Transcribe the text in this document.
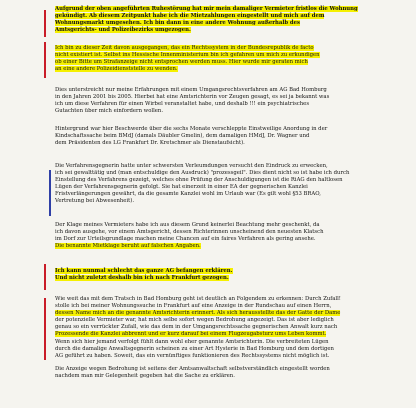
Aufgrund der oben angeführten Ruhestörung hat mir mein damaliger Vermieter fristlos die Wohnung

gekündigt. Ab diesem Zeitpunkt habe ich die Mietzahlungen eingestellt und mich auf dem

Wohnungsmarkt umgesehen. Ich bin dann in eine andere Wohnung außerhalb des

Amtsgerichts- und Polizeibezirks umgezogen.

Ich bin zu dieser Zeit davon ausgegangen, das ein Rechtssystem in der Bundesrepublik de facto

nicht existiert ist. Selbst ins Hessische Innenministerium bin ich gefahren um mich zu erkundigen

ob einer Bitte um Strafanzeige nicht entsprochen werden muss. Hier wurde mir geraten mich

an eine andere Polizeidienststelle zu wenden.

Dies unterstreicht nur meine Erfahrungen mit einem Umgangsrechtsverfahren am AG Bad Homburg

in den Jahren 2001 bis 2005. Hierbei hat eine Amtsrichterin vor Zeugen gesagt, es sei ja bekannt was

ich um diese Verfahren für einen Wirbel veranstaltet habe, und deshalb !!! ein psychiatrisches

Gutachten über mich einfordern wollen.

Hintergrund war hier Beschwerde über die sechs Monate verschleppte Einstweilige Anordung in der

Kindschaftssache beim BMdJ (damals Däubler Gmelin), dem damaligen HMdJ, Dr. Wagner und

dem Präsidenten des LG Frankfurt Dr. Kretschmer als Dienstaufsicht).

Die Verfahrensgegnerin hatte unter schwersten Verleumdungen versucht den Eindruck zu erwecken,

ich sei gewalttätig und (man entschuldige den Ausdruck) "prozessgeil". Dies dient nicht so ist habe ich durch

Einstellung des Verfahrens gezeigt, welches ohne Prüfung der Anschuldigungen ist die RiAG den haltlosen

Lügen der Verfahrensgegnerin gefolgt. Sie hat einerzeit in einer EA der gegnerischen Kanzlei

Fristverlängerungen gewährt, da die gesamte Kanzlei wohl im Urlaub war (Es gilt wohl §53 BRAO,

Vertretung bei Abwesenheit).

Der Klage meines Vermieters habe ich aus diesem Grund keinerlei Beachtung mehr geschenkt, da

ich davon ausgehe, vor einem Amtsgericht, dessen Richterinnen unscheinend den neuesten Klatsch

im Dorf zur Urteilsgrundlage machen meine Chancen auf ein faires Verfahren als gering ansehe.

Die benannte Mietklage beruht auf falschen Angaben.

Ich kann nunmal schlecht das ganze AG befangen erklären.

Und nicht zuletzt deshalb bin ich nach Frankfurt gezogen.

Wie weit das mit dem Tratsch in Bad Homburg geht ist deutlich an Folgendem zu erkennen: Durch Zufall!

stolle ich bei meiner Wohnungssuche in Frankfurt auf eine Anzeige in der Rundschau auf einen Herrn,

dessen Name mich an die genannte Amtsrichterin erinnert. Als sich herausstellte das der Gatte der Dame

der potenzielle Vermieter war, hat mich selbe sofort wegen Bedrohung angezeigt. Das ist aber lediglich

genau so ein verrückter Zufall, wie das dem in der Umgangsrechtssache gegnerischen Anwalt kurz nach

Prozessende die Kanzlei abbrennt und er kurz darauf bei einem Flugzeugabsturz ums Leben kommt.

Wenn sich hier jemand verfolgt fühlt dann wohl eher genannte Amtsrichterin. Die verbreiteten Lügen

durch die damalige Anwaltsgegnerin scheinen zu einer Art Hysterie in Bad Homburg und dem dortigen

AG geführt zu haben. Soweit, das ein vernünftiges funktionieren des Rechtssystems nicht möglich ist.

Die Anzeige wegen Bedrohung ist seitens der Amtsanwaltschaft selbstverständlich eingestellt worden

nachdem man mir Gelegenheit gegeben hat die Sache zu erklären.
